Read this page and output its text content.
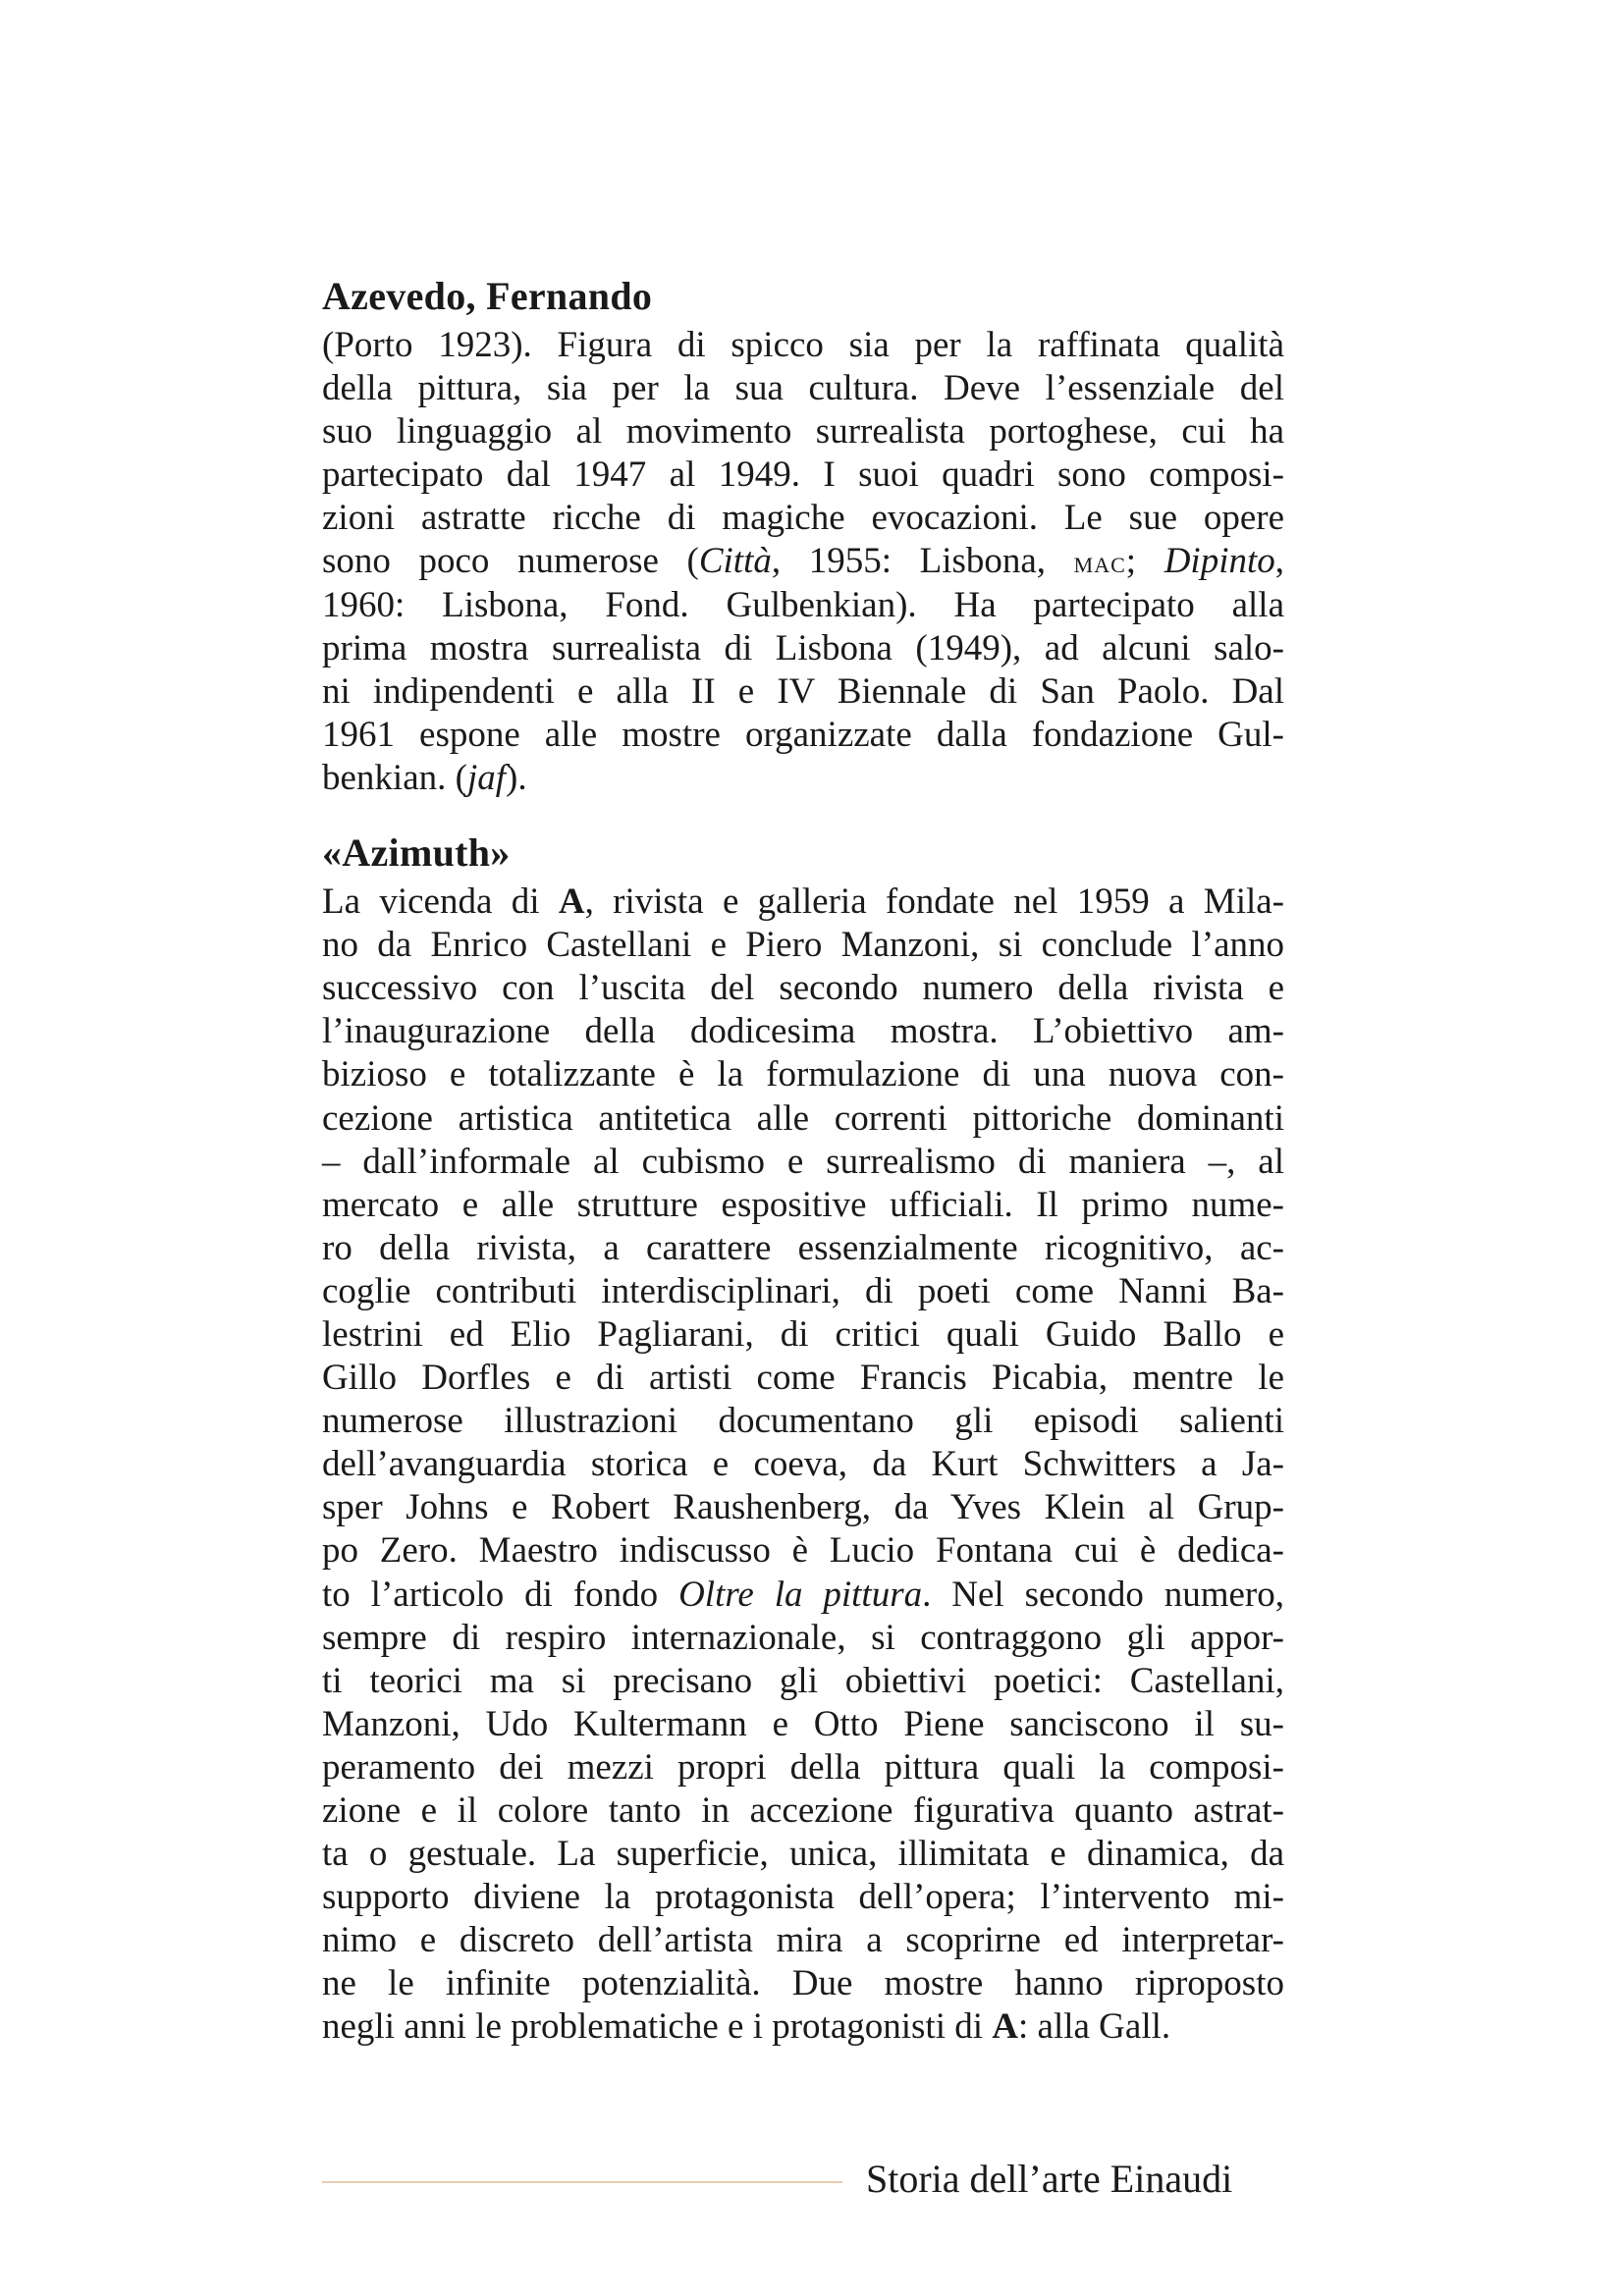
Azevedo, Fernando

(Porto 1923). Figura di spicco sia per la raffinata qualità
della pittura, sia per la sua cultura. Deve l’essenziale del
suo linguaggio al movimento surrealista portoghese, cui ha
partecipato dal 1947 al 1949. I suoi quadri sono composi-
zioni astratte ricche di magiche evocazioni. Le sue opere
sono poco numerose (Città, 1955: Lisbona, mac; Dipinto,
1960: Lisbona, Fond. Gulbenkian). Ha partecipato alla
prima mostra surrealista di Lisbona (1949), ad alcuni salo-
ni indipendenti e alla II e IV Biennale di San Paolo. Dal
1961 espone alle mostre organizzate dalla fondazione Gul-
benkian. (jaf).

«Azimuth»

La vicenda di A, rivista e galleria fondate nel 1959 a Mila-
no da Enrico Castellani e Piero Manzoni, si conclude l’anno
successivo con l’uscita del secondo numero della rivista e
l’inaugurazione della dodicesima mostra. L’obiettivo am-
bizioso e totalizzante è la formulazione di una nuova con-
cezione artistica antitetica alle correnti pittoriche dominanti
– dall’informale al cubismo e surrealismo di maniera –, al
mercato e alle strutture espositive ufficiali. Il primo nume-
ro della rivista, a carattere essenzialmente ricognitivo, ac-
coglie contributi interdisciplinari, di poeti come Nanni Ba-
lestrini ed Elio Pagliarani, di critici quali Guido Ballo e
Gillo Dorfles e di artisti come Francis Picabia, mentre le
numerose illustrazioni documentano gli episodi salienti
dell’avanguardia storica e coeva, da Kurt Schwitters a Ja-
sper Johns e Robert Raushenberg, da Yves Klein al Grup-
po Zero. Maestro indiscusso è Lucio Fontana cui è dedica-
to l’articolo di fondo Oltre la pittura. Nel secondo numero,
sempre di respiro internazionale, si contraggono gli appor-
ti teorici ma si precisano gli obiettivi poetici: Castellani,
Manzoni, Udo Kultermann e Otto Piene sanciscono il su-
peramento dei mezzi propri della pittura quali la composi-
zione e il colore tanto in accezione figurativa quanto astrat-
ta o gestuale. La superficie, unica, illimitata e dinamica, da
supporto diviene la protagonista dell’opera; l’intervento mi-
nimo e discreto dell’artista mira a scoprirne ed interpretar-
ne le infinite potenzialità. Due mostre hanno riproposto
negli anni le problematiche e i protagonisti di A: alla Gall.

Storia dell’arte Einaudi
